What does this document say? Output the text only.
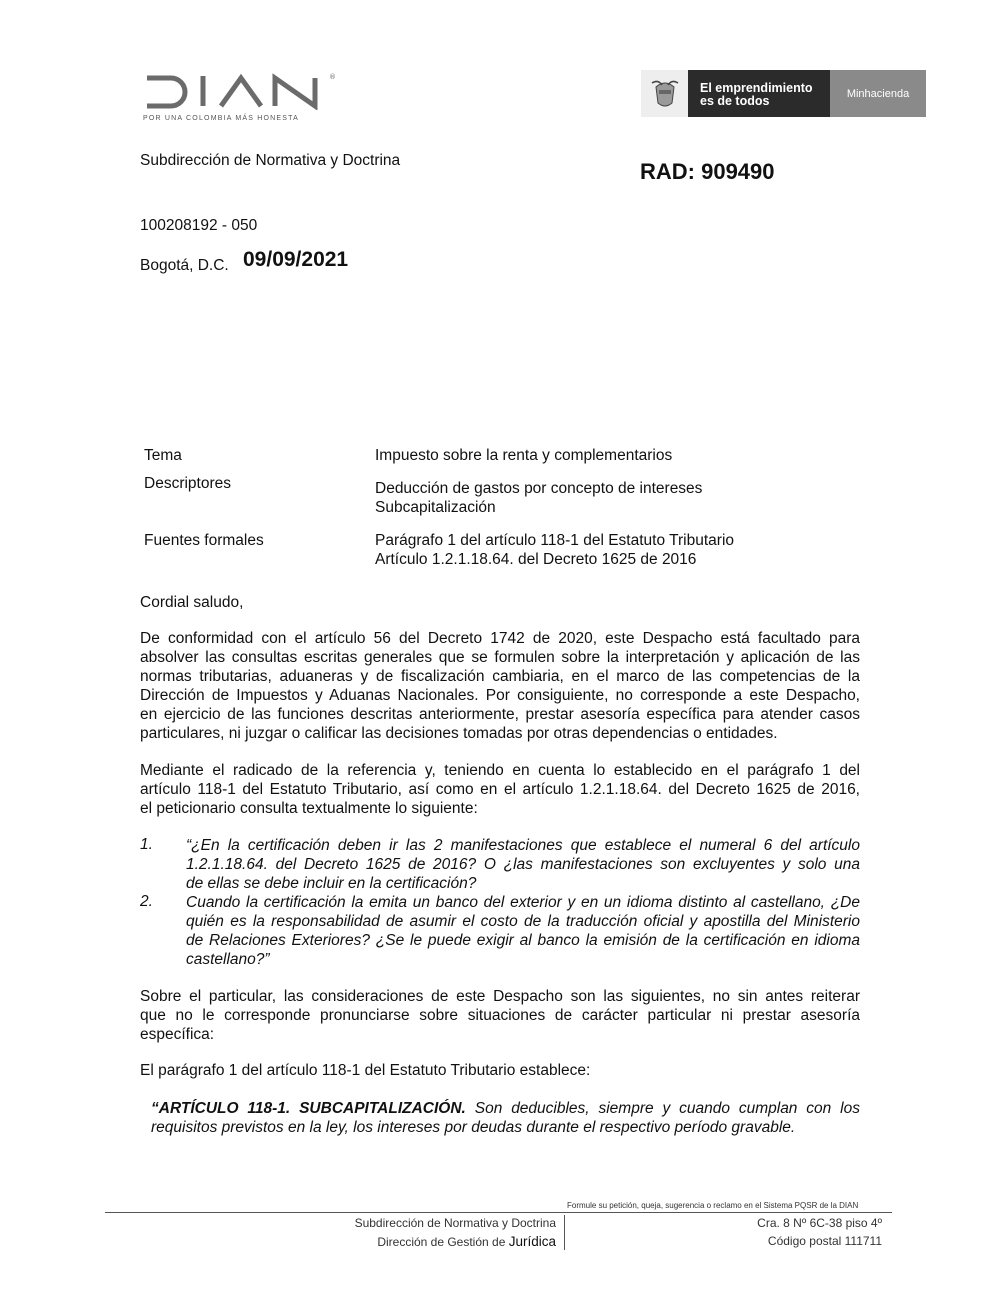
®
POR UNA COLOMBIA MÁS HONESTA
El emprendimiento
es de todos
Minhacienda
Subdirección de Normativa y Doctrina	RAD: 909490
100208192 - 050
Bogotá, D.C. 09/09/2021
Tema	Impuesto sobre la renta y complementarios
Descriptores	Deducción de gastos por concepto de intereses
Subcapitalización
Fuentes formales	Parágrafo 1 del artículo 118-1 del Estatuto Tributario
Artículo 1.2.1.18.64. del Decreto 1625 de 2016
Cordial saludo,
De conformidad con el artículo 56 del Decreto 1742 de 2020, este Despacho está facultado para
absolver las consultas escritas generales que se formulen sobre la interpretación y aplicación de las
normas tributarias, aduaneras y de fiscalización cambiaria, en el marco de las competencias de la
Dirección de Impuestos y Aduanas Nacionales. Por consiguiente, no corresponde a este Despacho,
en ejercicio de las funciones descritas anteriormente, prestar asesoría específica para atender casos
particulares, ni juzgar o calificar las decisiones tomadas por otras dependencias o entidades.
Mediante el radicado de la referencia y, teniendo en cuenta lo establecido en el parágrafo 1 del
artículo 118-1 del Estatuto Tributario, así como en el artículo 1.2.1.18.64. del Decreto 1625 de 2016,
el peticionario consulta textualmente lo siguiente:
1. “¿En la certificación deben ir las 2 manifestaciones que establece el numeral 6 del artículo
1.2.1.18.64. del Decreto 1625 de 2016? O ¿las manifestaciones son excluyentes y solo una
de ellas se debe incluir en la certificación?
2. Cuando la certificación la emita un banco del exterior y en un idioma distinto al castellano, ¿De
quién es la responsabilidad de asumir el costo de la traducción oficial y apostilla del Ministerio
de Relaciones Exteriores? ¿Se le puede exigir al banco la emisión de la certificación en idioma
castellano?”
Sobre el particular, las consideraciones de este Despacho son las siguientes, no sin antes reiterar
que no le corresponde pronunciarse sobre situaciones de carácter particular ni prestar asesoría
específica:
El parágrafo 1 del artículo 118-1 del Estatuto Tributario establece:
“ARTÍCULO 118-1. SUBCAPITALIZACIÓN. Son deducibles, siempre y cuando cumplan con los
requisitos previstos en la ley, los intereses por deudas durante el respectivo período gravable.
Formule su petición, queja, sugerencia o reclamo en el Sistema PQSR de la DIAN
Subdirección de Normativa y Doctrina
Dirección de Gestión de Jurídica
Cra. 8 Nº 6C-38 piso 4º
Código postal 111711
